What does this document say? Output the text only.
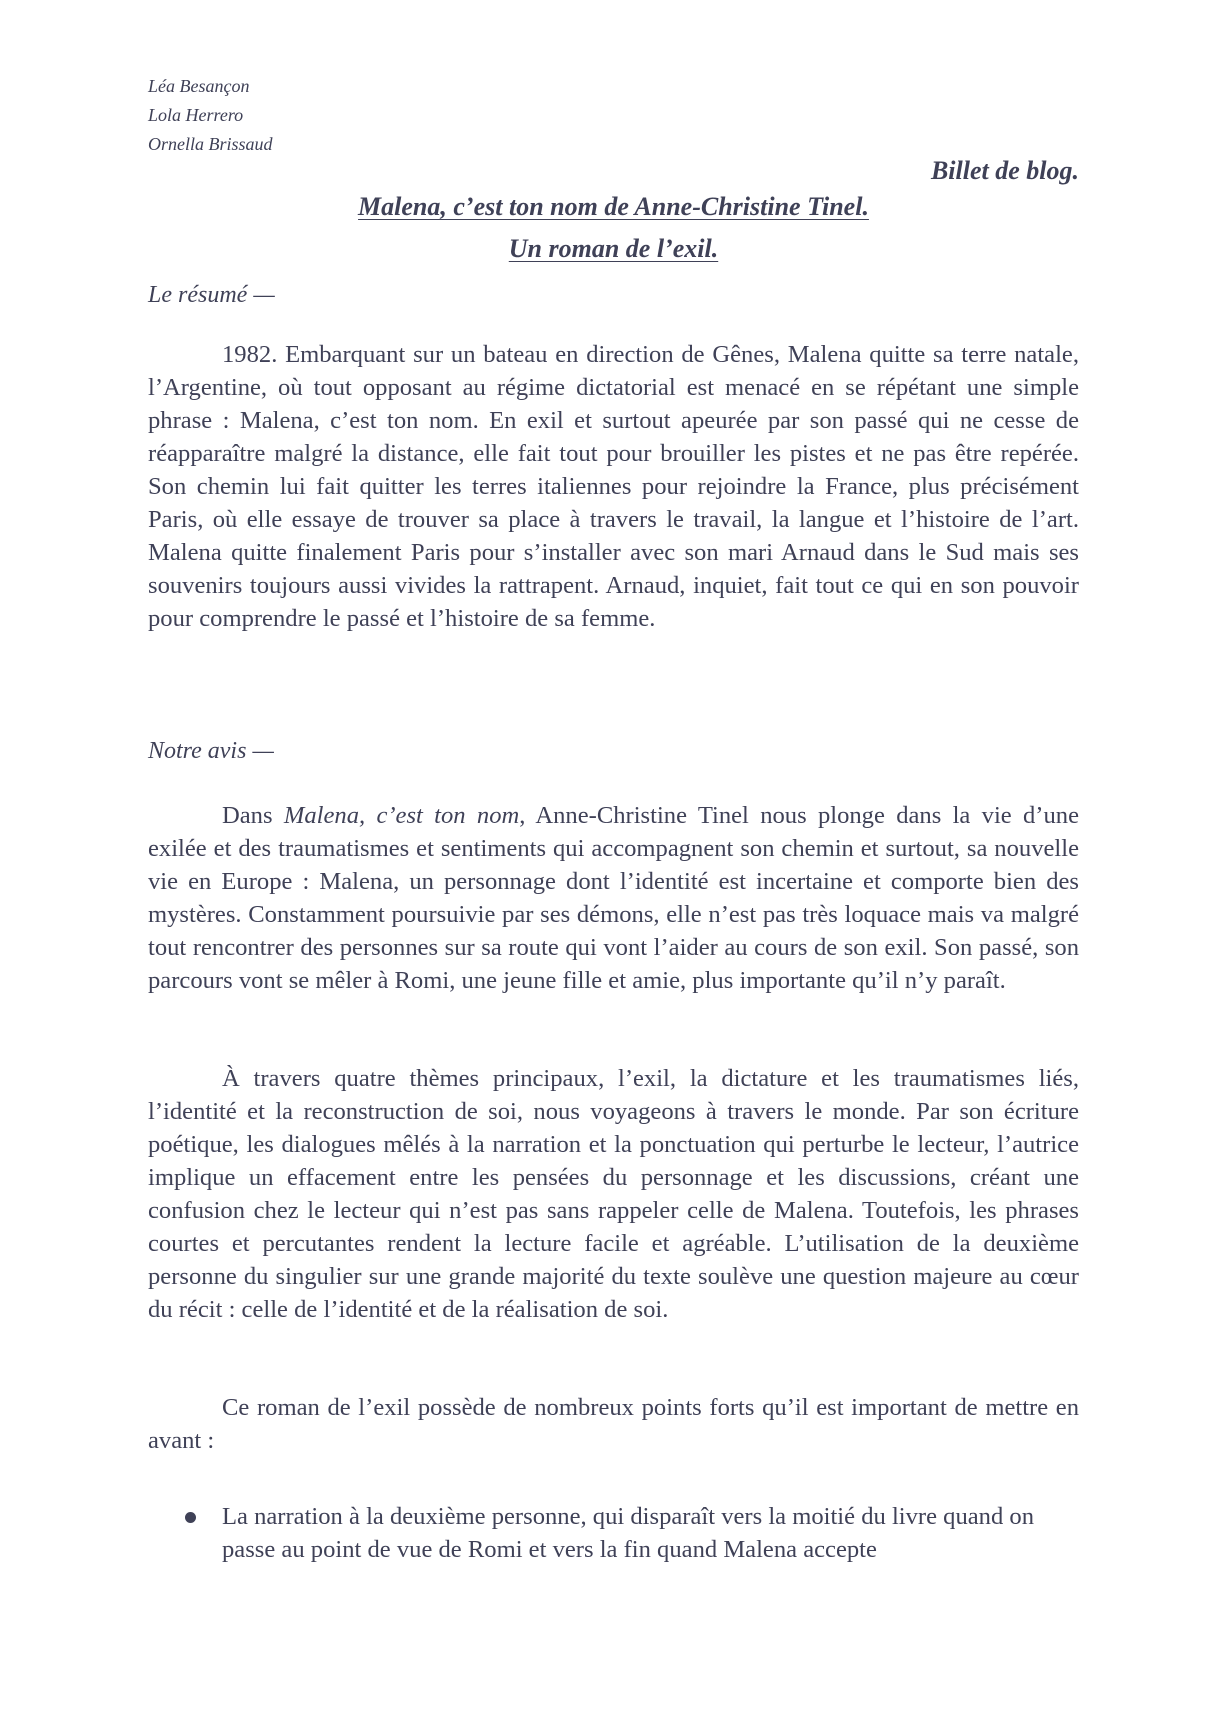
Léa Besançon
Lola Herrero
Ornella Brissaud
Billet de blog.
Malena, c’est ton nom de Anne-Christine Tinel.
Un roman de l’exil.
Le résumé —

1982. Embarquant sur un bateau en direction de Gênes, Malena quitte sa terre natale, l’Argentine, où tout opposant au régime dictatorial est menacé en se répétant une simple phrase : Malena, c’est ton nom. En exil et surtout apeurée par son passé qui ne cesse de réapparaître malgré la distance, elle fait tout pour brouiller les pistes et ne pas être repérée. Son chemin lui fait quitter les terres italiennes pour rejoindre la France, plus précisément Paris, où elle essaye de trouver sa place à travers le travail, la langue et l’histoire de l’art. Malena quitte finalement Paris pour s’installer avec son mari Arnaud dans le Sud mais ses souvenirs toujours aussi vivides la rattrapent. Arnaud, inquiet, fait tout ce qui en son pouvoir pour comprendre le passé et l’histoire de sa femme.

Notre avis —

Dans Malena, c’est ton nom, Anne-Christine Tinel nous plonge dans la vie d’une exilée et des traumatismes et sentiments qui accompagnent son chemin et surtout, sa nouvelle vie en Europe : Malena, un personnage dont l’identité est incertaine et comporte bien des mystères. Constamment poursuivie par ses démons, elle n’est pas très loquace mais va malgré tout rencontrer des personnes sur sa route qui vont l’aider au cours de son exil. Son passé, son parcours vont se mêler à Romi, une jeune fille et amie, plus importante qu’il n’y paraît.

À travers quatre thèmes principaux, l’exil, la dictature et les traumatismes liés, l’identité et la reconstruction de soi, nous voyageons à travers le monde. Par son écriture poétique, les dialogues mêlés à la narration et la ponctuation qui perturbe le lecteur, l’autrice implique un effacement entre les pensées du personnage et les discussions, créant une confusion chez le lecteur qui n’est pas sans rappeler celle de Malena. Toutefois, les phrases courtes et percutantes rendent la lecture facile et agréable. L’utilisation de la deuxième personne du singulier sur une grande majorité du texte soulève une question majeure au cœur du récit : celle de l’identité et de la réalisation de soi.

Ce roman de l’exil possède de nombreux points forts qu’il est important de mettre en avant :

La narration à la deuxième personne, qui disparaît vers la moitié du livre quand on passe au point de vue de Romi et vers la fin quand Malena accepte
